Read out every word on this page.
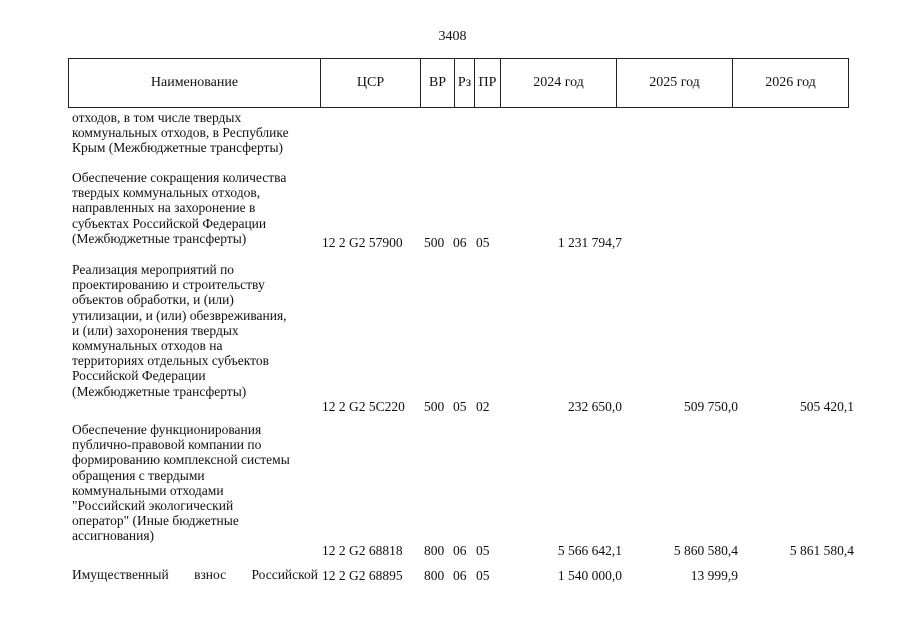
3408
Наименование	ЦСР	ВР Рз ПР	2024 год	2025 год	2026 год
отходов, в том числе твердых
коммунальных отходов, в Республике
Крым (Межбюджетные трансферты)
Обеспечение сокращения количества
твердых коммунальных отходов,
направленных на захоронение в
субъектах Российской Федерации
(Межбюджетные трансферты)	12 2 G2 57900 500 06 05	1 231 794,7
Реализация мероприятий по
проектированию и строительству
объектов обработки, и (или)
утилизации, и (или) обезвреживания,
и (или) захоронения твердых
коммунальных отходов на
территориях отдельных субъектов
Российской Федерации
(Межбюджетные трансферты)
12 2 G2 5C220 500 05 02	232 650,0	509 750,0	505 420,1
Обеспечение функционирования
публично-правовой компании по
формированию комплексной системы
обращения с твердыми
коммунальными отходами
"Российский экологический
оператор" (Иные бюджетные
ассигнования)
12 2 G2 68818 800 06 05	5 566 642,1	5 860 580,4	5 861 580,4
Имущественный взнос Российской 12 2 G2 68895 800 06 05	1 540 000,0	13 999,9
